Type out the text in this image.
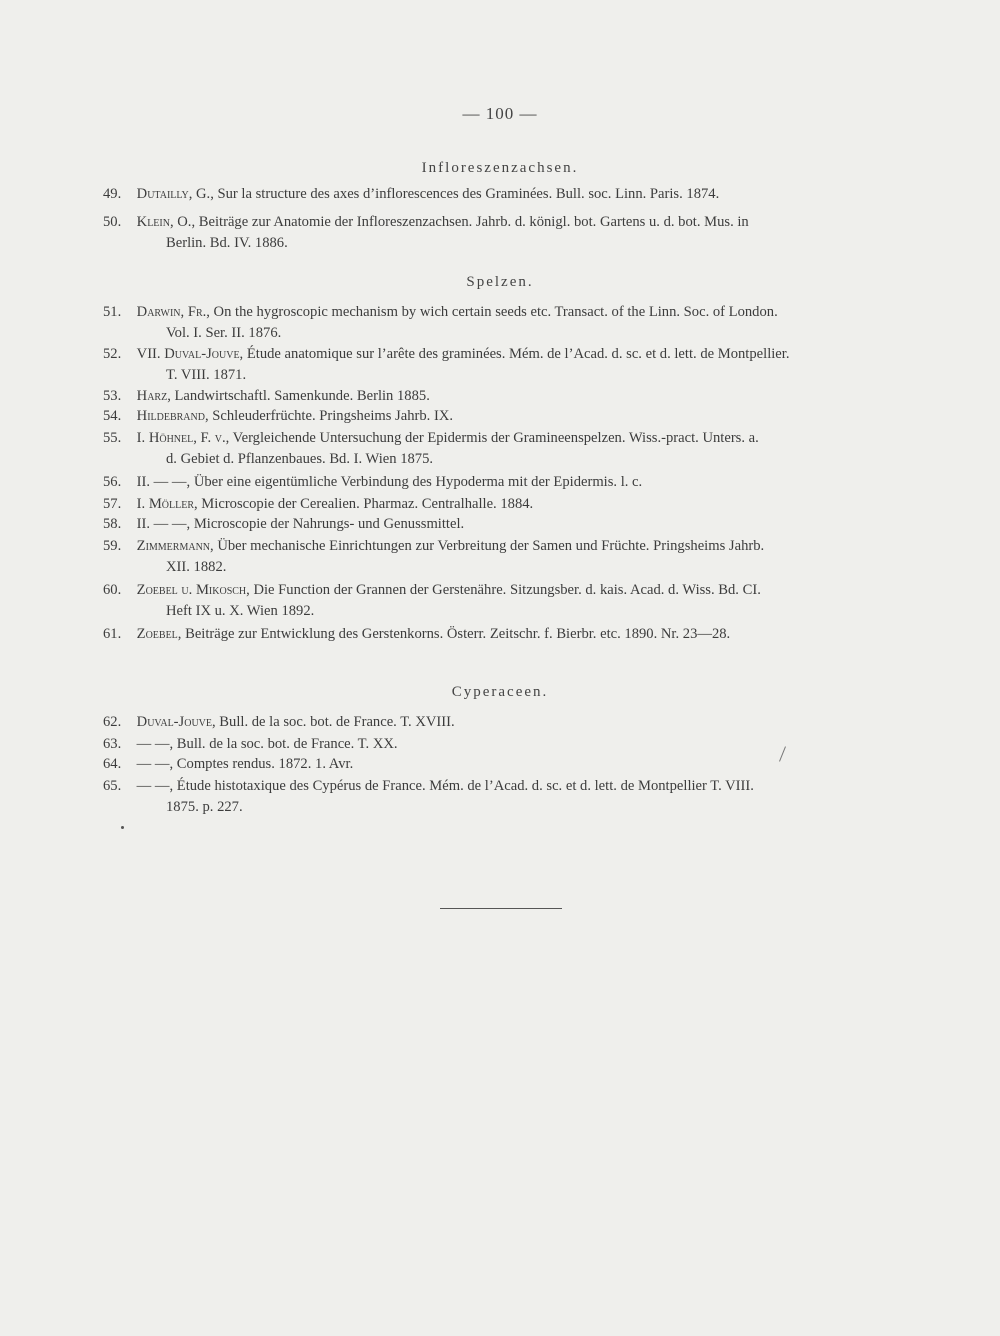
— 100 —
Infloreszenzachsen.
49. Dutailly, G., Sur la structure des axes d’inflorescences des Graminées. Bull. soc. Linn. Paris. 1874.
50. Klein, O., Beiträge zur Anatomie der Infloreszenzachsen. Jahrb. d. königl. bot. Gartens u. d. bot. Mus. in
Berlin. Bd. IV. 1886.
Spelzen.
51. Darwin, Fr., On the hygroscopic mechanism by wich certain seeds etc. Transact. of the Linn. Soc. of London.
Vol. I. Ser. II. 1876.
52. VII. Duval-Jouve, Étude anatomique sur l’arête des graminées. Mém. de l’Acad. d. sc. et d. lett. de Montpellier.
T. VIII. 1871.
53. Harz, Landwirtschaftl. Samenkunde. Berlin 1885.
54. Hildebrand, Schleuderfrüchte. Pringsheims Jahrb. IX.
55. I. Höhnel, F. v., Vergleichende Untersuchung der Epidermis der Gramineenspelzen. Wiss.-pract. Unters. a.
d. Gebiet d. Pflanzenbaues. Bd. I. Wien 1875.
56. II. — —, Über eine eigentümliche Verbindung des Hypoderma mit der Epidermis. l. c.
57. I. Möller, Microscopie der Cerealien. Pharmaz. Centralhalle. 1884.
58. II. — —, Microscopie der Nahrungs- und Genussmittel.
59. Zimmermann, Über mechanische Einrichtungen zur Verbreitung der Samen und Früchte. Pringsheims Jahrb.
XII. 1882.
60. Zoebel u. Mikosch, Die Function der Grannen der Gerstenähre. Sitzungsber. d. kais. Acad. d. Wiss. Bd. CI.
Heft IX u. X. Wien 1892.
61. Zoebel, Beiträge zur Entwicklung des Gerstenkorns. Österr. Zeitschr. f. Bierbr. etc. 1890. Nr. 23—28.
Cyperaceen.
62. Duval-Jouve, Bull. de la soc. bot. de France. T. XVIII.
63. — —, Bull. de la soc. bot. de France. T. XX.
64. — —, Comptes rendus. 1872. 1. Avr.
65. — —, Étude histotaxique des Cypérus de France. Mém. de l’Acad. d. sc. et d. lett. de Montpellier T. VIII.
1875. p. 227.
